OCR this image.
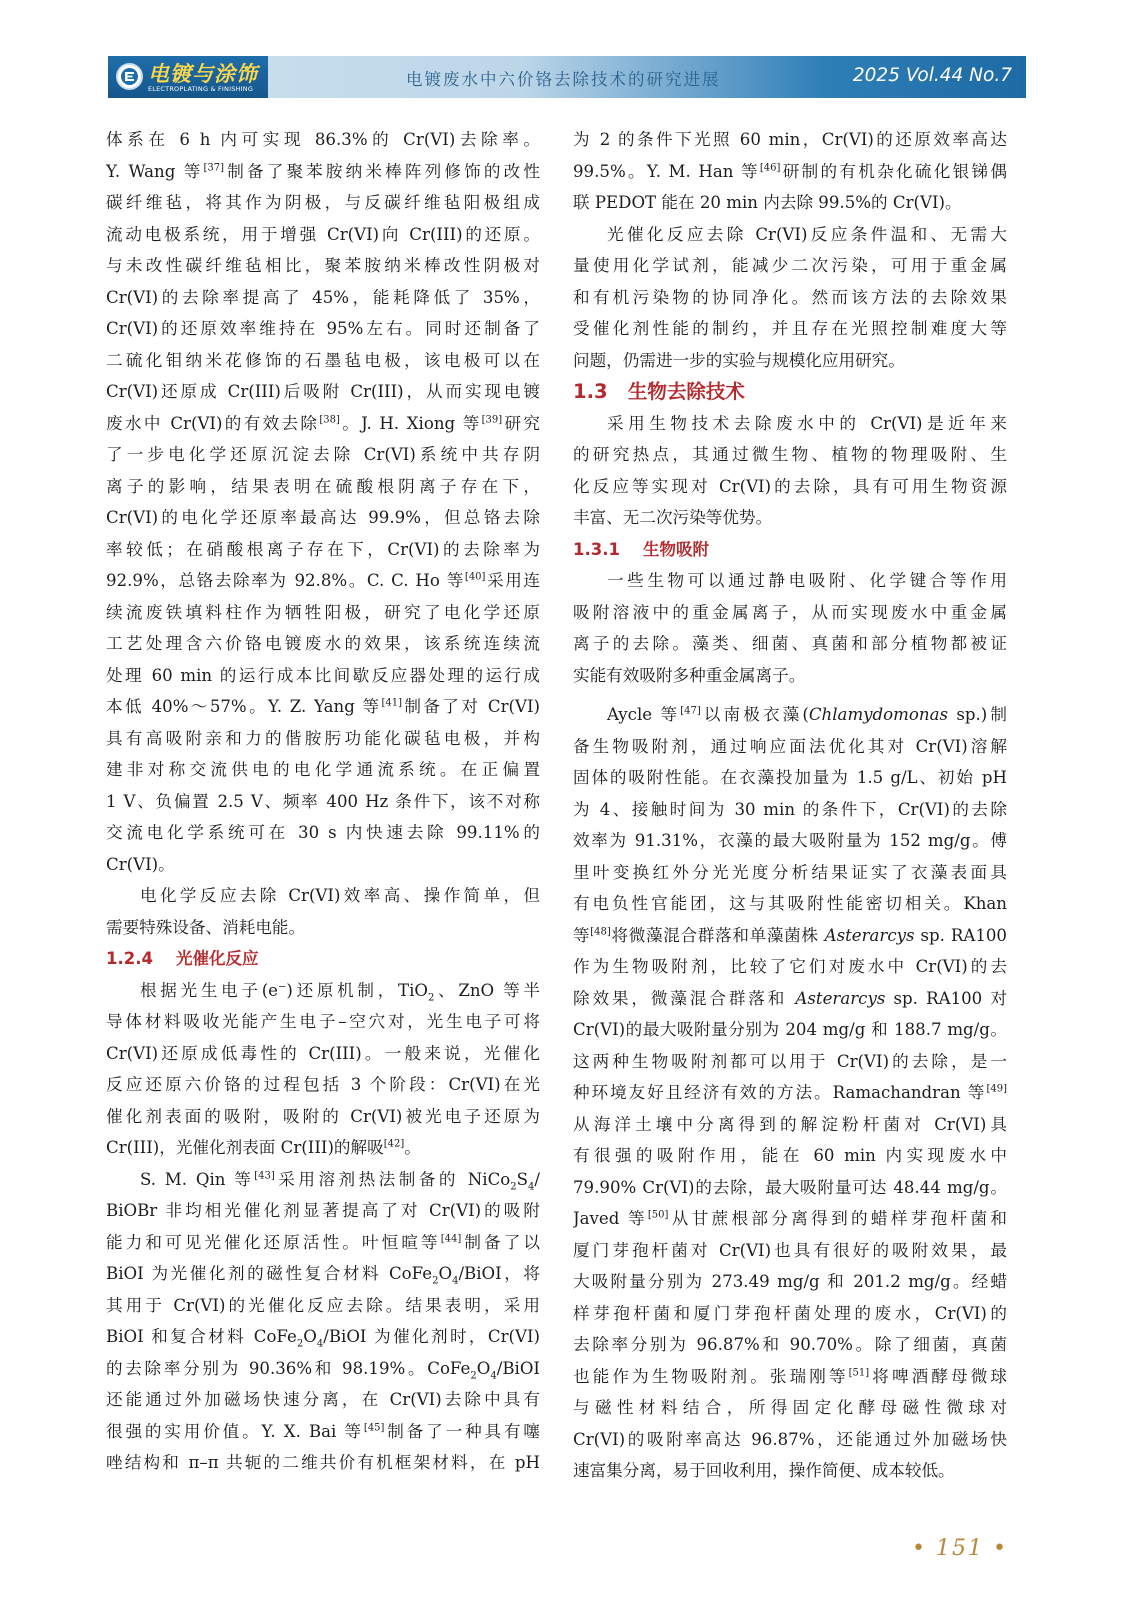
电镀与涂饰
ELECTROPLATING & FINISHING	电镀废水中六价铬去除技术的研究进展	2025 Vol.44 No.7
体系在 6 h 内可实现 86.3%的 Cr(VI)去除率。
Y. Wang 等[37]制备了聚苯胺纳米棒阵列修饰的改性
碳纤维毡，将其作为阴极，与反碳纤维毡阳极组成
流动电极系统，用于增强 Cr(VI)向 Cr(III)的还原。
与未改性碳纤维毡相比，聚苯胺纳米棒改性阴极对
Cr(VI)的去除率提高了 45%，能耗降低了 35%，
Cr(VI)的还原效率维持在 95%左右。同时还制备了
二硫化钼纳米花修饰的石墨毡电极，该电极可以在
Cr(VI)还原成 Cr(III)后吸附 Cr(III)，从而实现电镀
废水中 Cr(VI)的有效去除[38]。J. H. Xiong 等[39]研究
了一步电化学还原沉淀去除 Cr(VI)系统中共存阴
离子的影响，结果表明在硫酸根阴离子存在下，
Cr(VI)的电化学还原率最高达 99.9%，但总铬去除
率较低；在硝酸根离子存在下，Cr(VI)的去除率为
92.9%，总铬去除率为 92.8%。C. C. Ho 等[40]采用连
续流废铁填料柱作为牺牲阳极，研究了电化学还原
工艺处理含六价铬电镀废水的效果，该系统连续流
处理 60 min 的运行成本比间歇反应器处理的运行成
本低 40%～57%。Y. Z. Yang 等[41]制备了对 Cr(VI)
具有高吸附亲和力的偕胺肟功能化碳毡电极，并构
建非对称交流供电的电化学通流系统。在正偏置
1 V、负偏置 2.5 V、频率 400 Hz 条件下，该不对称
交流电化学系统可在 30 s 内快速去除 99.11%的
Cr(VI)。
电化学反应去除 Cr(VI)效率高、操作简单，但
需要特殊设备、消耗电能。
1.2.4    光催化反应
根据光生电子(e−)还原机制，TiO$_2$、ZnO 等半
导体材料吸收光能产生电子–空穴对，光生电子可将
Cr(VI)还原成低毒性的 Cr(III)。一般来说，光催化
反应还原六价铬的过程包括 3 个阶段：Cr(VI)在光
催化剂表面的吸附，吸附的 Cr(VI)被光电子还原为
Cr(III)，光催化剂表面 Cr(III)的解吸[42]。
S. M. Qin 等[43]采用溶剂热法制备的 $NiCo_2S_4/$
BiOBr 非均相光催化剂显著提高了对 Cr(VI)的吸附
能力和可见光催化还原活性。叶恒暄等[44]制备了以
BiOI 为光催化剂的磁性复合材料 $CoFe_2O_4$/BiOI，将
其用于 Cr(VI)的光催化反应去除。结果表明，采用
BiOI 和复合材料 $CoFe_2O_4$/BiOI 为催化剂时，Cr(VI)
的去除率分别为 90.36%和 98.19%。$CoFe_2O_4$/BiOI
还能通过外加磁场快速分离，在 Cr(VI)去除中具有
很强的实用价值。Y. X. Bai 等[45]制备了一种具有噻
唑结构和 π–π 共轭的二维共价有机框架材料，在 pH
为 2 的条件下光照 60 min，Cr(VI)的还原效率高达
99.5%。Y. M. Han 等[46]研制的有机杂化硫化银锑偶
联 PEDOT 能在 20 min 内去除 99.5%的 Cr(VI)。
光催化反应去除 Cr(VI)反应条件温和、无需大
量使用化学试剂，能减少二次污染，可用于重金属
和有机污染物的协同净化。然而该方法的去除效果
受催化剂性能的制约，并且存在光照控制难度大等
问题，仍需进一步的实验与规模化应用研究。
1.3   生物去除技术
采用生物技术去除废水中的 Cr(VI)是近年来
的研究热点，其通过微生物、植物的物理吸附、生
化反应等实现对 Cr(VI)的去除，具有可用生物资源
丰富、无二次污染等优势。
1.3.1    生物吸附
一些生物可以通过静电吸附、化学键合等作用
吸附溶液中的重金属离子，从而实现废水中重金属
离子的去除。藻类、细菌、真菌和部分植物都被证
实能有效吸附多种重金属离子。
Aycle 等[47]以南极衣藻(Chlamydomonas sp.)制
备生物吸附剂，通过响应面法优化其对 Cr(VI)溶解
固体的吸附性能。在衣藻投加量为 1.5 g/L、初始 pH
为 4、接触时间为 30 min 的条件下，Cr(VI)的去除
效率为 91.31%，衣藻的最大吸附量为 152 mg/g。傅
里叶变换红外分光光度分析结果证实了衣藻表面具
有电负性官能团，这与其吸附性能密切相关。Khan
等[48]将微藻混合群落和单藻菌株 Asterarcys sp. RA100
作为生物吸附剂，比较了它们对废水中 Cr(VI)的去
除效果，微藻混合群落和 Asterarcys sp. RA100 对
Cr(VI)的最大吸附量分别为 204 mg/g 和 188.7 mg/g。
这两种生物吸附剂都可以用于 Cr(VI)的去除，是一
种环境友好且经济有效的方法。Ramachandran 等[49]
从海洋土壤中分离得到的解淀粉杆菌对 Cr(VI)具
有很强的吸附作用，能在 60 min 内实现废水中
79.90% Cr(VI)的去除，最大吸附量可达 48.44 mg/g。
Javed 等[50]从甘蔗根部分离得到的蜡样芽孢杆菌和
厦门芽孢杆菌对 Cr(VI)也具有很好的吸附效果，最
大吸附量分别为 273.49 mg/g 和 201.2 mg/g。经蜡
样芽孢杆菌和厦门芽孢杆菌处理的废水，Cr(VI)的
去除率分别为 96.87%和 90.70%。除了细菌，真菌
也能作为生物吸附剂。张瑞刚等[51]将啤酒酵母微球
与磁性材料结合，所得固定化酵母磁性微球对
Cr(VI)的吸附率高达 96.87%，还能通过外加磁场快
速富集分离，易于回收利用，操作简便、成本较低。
• 151 •
